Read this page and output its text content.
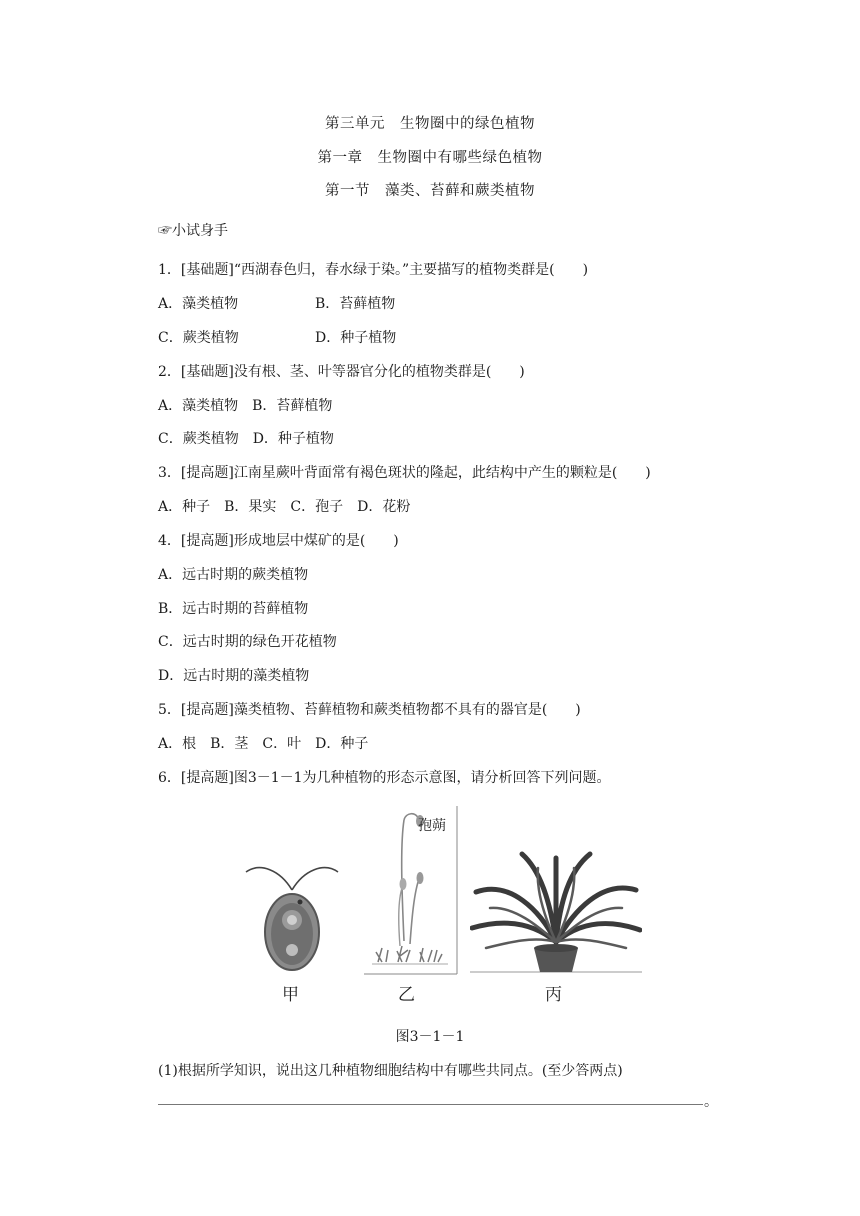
第三单元　生物圈中的绿色植物
第一章　生物圈中有哪些绿色植物
第一节　藻类、苔藓和蕨类植物
☞小试身手
1．[基础题]“西湖春色归，春水绿于染。”主要描写的植物类群是(　　)
A．藻类植物	B．苔藓植物
C．蕨类植物	D．种子植物
2．[基础题]没有根、茎、叶等器官分化的植物类群是(　　)
A．藻类植物　B．苔藓植物
C．蕨类植物　D．种子植物
3．[提高题]江南星蕨叶背面常有褐色斑状的隆起，此结构中产生的颗粒是(　　)
A．种子　B．果实　C．孢子　D．花粉
4．[提高题]形成地层中煤矿的是(　　)
A．远古时期的蕨类植物
B．远古时期的苔藓植物
C．远古时期的绿色开花植物
D．远古时期的藻类植物
5．[提高题]藻类植物、苔藓植物和蕨类植物都不具有的器官是(　　)
A．根　B．茎　C．叶　D．种子
6．[提高题]图3－1－1为几种植物的形态示意图，请分析回答下列问题。
甲
孢蒴
乙	丙
图3－1－1
(1)根据所学知识，说出这几种植物细胞结构中有哪些共同点。(至少答两点)
。
